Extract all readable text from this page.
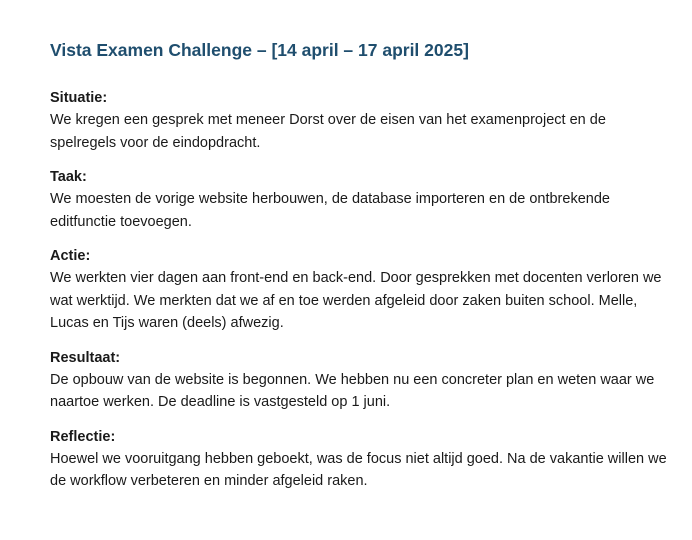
Vista Examen Challenge – [14 april – 17 april 2025]

Situatie:

We kregen een gesprek met meneer Dorst over de eisen van het examenproject en de spelregels voor de eindopdracht.

Taak:

We moesten de vorige website herbouwen, de database importeren en de ontbrekende editfunctie toevoegen.

Actie:

We werkten vier dagen aan front-end en back-end. Door gesprekken met docenten verloren we wat werktijd. We merkten dat we af en toe werden afgeleid door zaken buiten school. Melle, Lucas en Tijs waren (deels) afwezig.

Resultaat:

De opbouw van de website is begonnen. We hebben nu een concreter plan en weten waar we naartoe werken. De deadline is vastgesteld op 1 juni.

Reflectie:

Hoewel we vooruitgang hebben geboekt, was de focus niet altijd goed. Na de vakantie willen we de workflow verbeteren en minder afgeleid raken.
